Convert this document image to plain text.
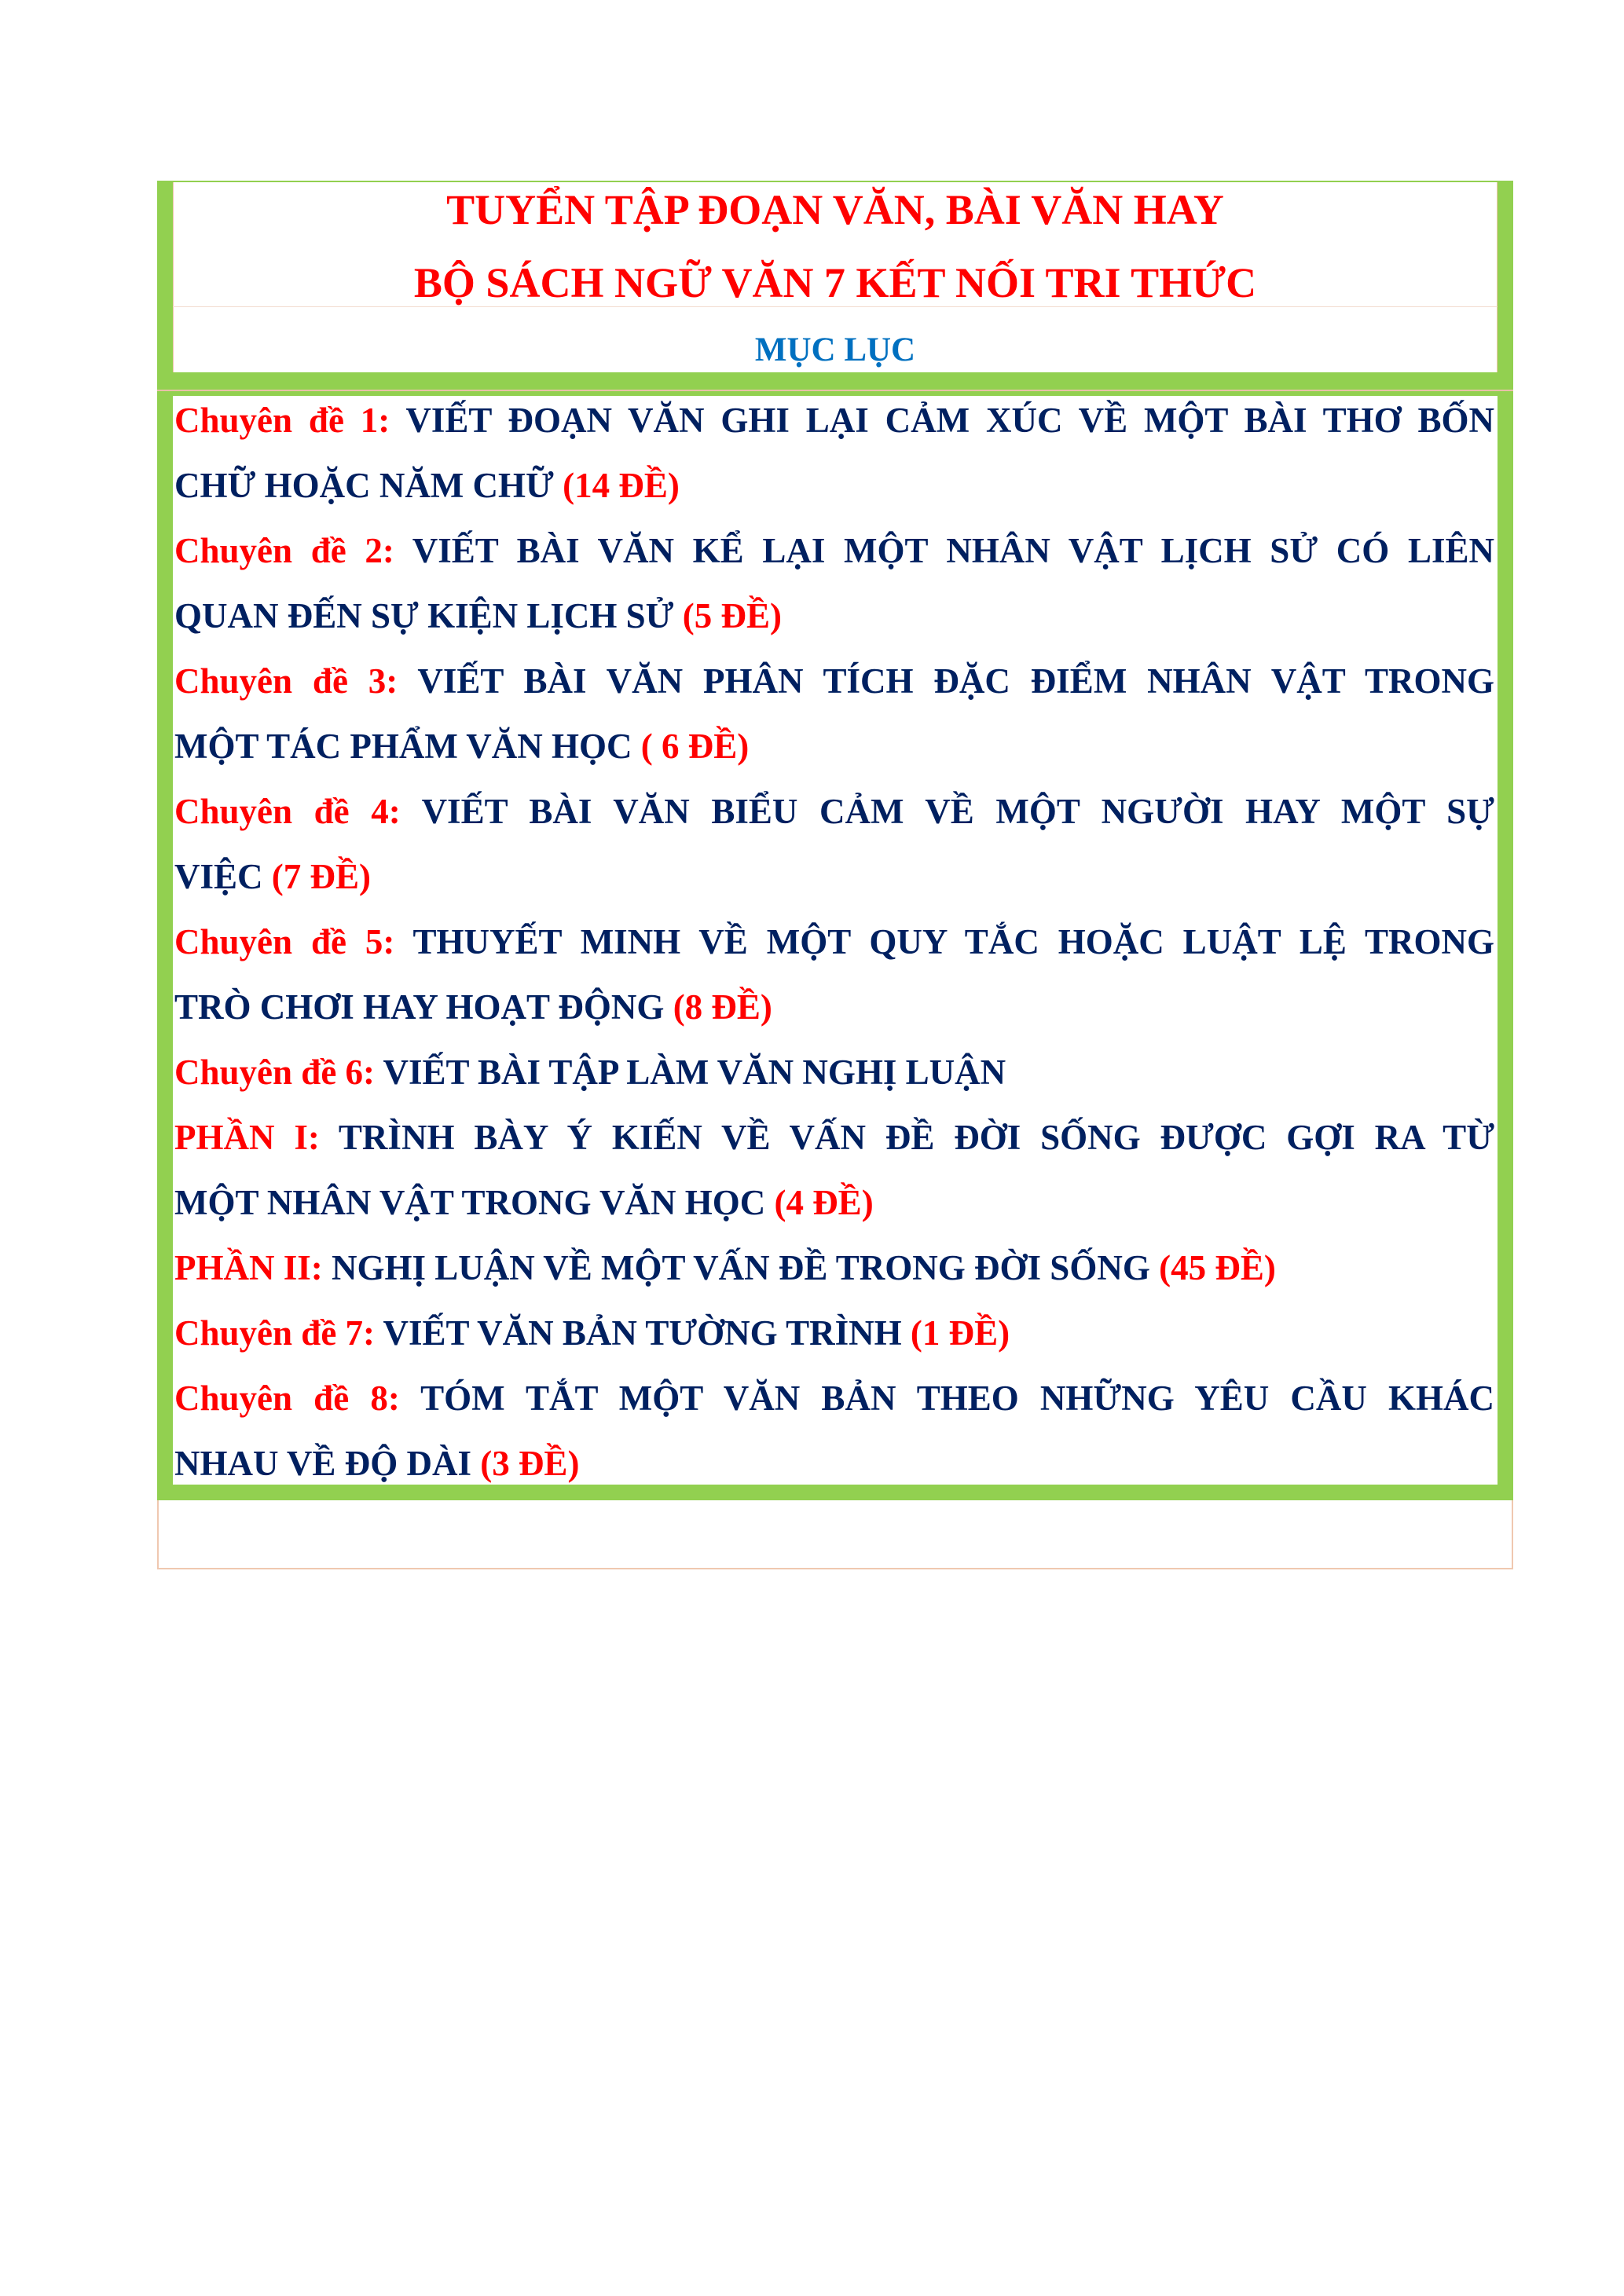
TUYỂN TẬP ĐOẠN VĂN, BÀI VĂN HAY
BỘ SÁCH NGỮ VĂN 7 KẾT NỐI TRI THỨC
MỤC LỤC
Chuyên đề 1: VIẾT ĐOẠN VĂN GHI LẠI CẢM XÚC VỀ MỘT BÀI THƠ BỐN
CHỮ HOẶC NĂM CHỮ (14 ĐỀ)
Chuyên đề 2: VIẾT BÀI VĂN KỂ LẠI MỘT NHÂN VẬT LỊCH SỬ CÓ LIÊN
QUAN ĐẾN SỰ KIỆN LỊCH SỬ (5 ĐỀ)
Chuyên đề 3: VIẾT BÀI VĂN PHÂN TÍCH ĐẶC ĐIỂM NHÂN VẬT TRONG
MỘT TÁC PHẨM VĂN HỌC ( 6 ĐỀ)
Chuyên đề 4: VIẾT BÀI VĂN BIỂU CẢM VỀ MỘT NGƯỜI HAY MỘT SỰ
VIỆC (7 ĐỀ)
Chuyên đề 5: THUYẾT MINH VỀ MỘT QUY TẮC HOẶC LUẬT LỆ TRONG
TRÒ CHƠI HAY HOẠT ĐỘNG (8 ĐỀ)
Chuyên đề 6: VIẾT BÀI TẬP LÀM VĂN NGHỊ LUẬN
PHẦN I: TRÌNH BÀY Ý KIẾN VỀ VẤN ĐỀ ĐỜI SỐNG ĐƯỢC GỢI RA TỪ
MỘT NHÂN VẬT TRONG VĂN HỌC (4 ĐỀ)
PHẦN II: NGHỊ LUẬN VỀ MỘT VẤN ĐỀ TRONG ĐỜI SỐNG (45 ĐỀ)
Chuyên đề 7: VIẾT VĂN BẢN TƯỜNG TRÌNH (1 ĐỀ)
Chuyên đề 8: TÓM TẮT MỘT VĂN BẢN THEO NHỮNG YÊU CẦU KHÁC
NHAU VỀ ĐỘ DÀI (3 ĐỀ)
